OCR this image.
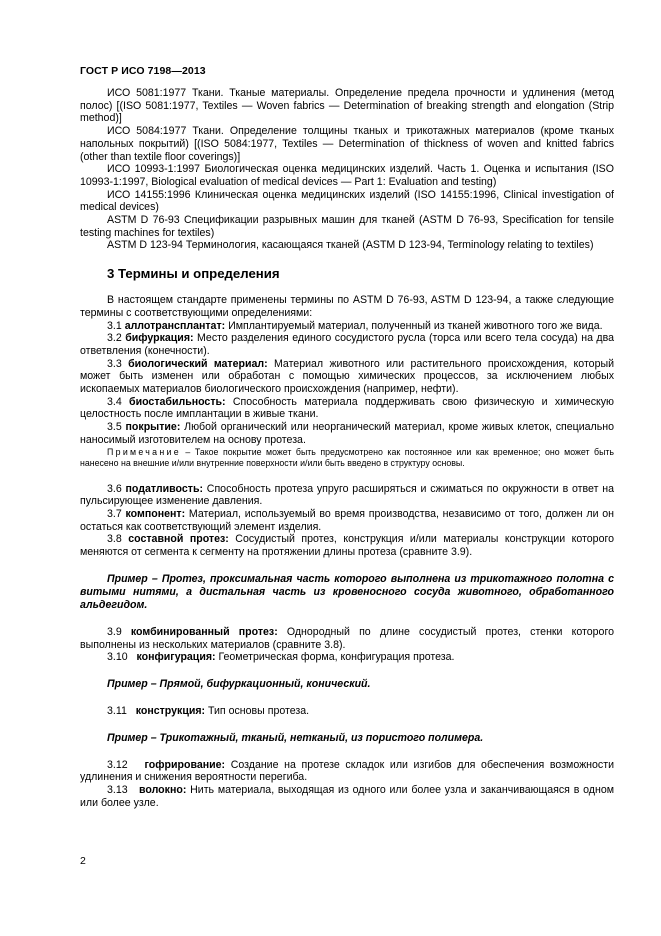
ГОСТ Р ИСО 7198—2013

ИСО 5081:1977 Ткани. Тканые материалы. Определение предела прочности и удлинения (метод полос) [(ISO 5081:1977, Textiles — Woven fabrics — Determination of breaking strength and elongation (Strip method)]

ИСО 5084:1977 Ткани. Определение толщины тканых и трикотажных материалов (кроме тканых напольных покрытий) [(ISO 5084:1977, Textiles — Determination of thickness of woven and knitted fabrics (other than textile floor coverings)]

ИСО 10993-1:1997 Биологическая оценка медицинских изделий. Часть 1. Оценка и испытания (ISO 10993-1:1997, Biological evaluation of medical devices — Part 1: Evaluation and testing)

ИСО 14155:1996 Клиническая оценка медицинских изделий (ISO 14155:1996, Clinical investigation of medical devices)

ASTM D 76-93 Спецификации разрывных машин для тканей (ASTM D 76-93, Specification for tensile testing machines for textiles)

ASTM D 123-94 Терминология, касающаяся тканей (ASTM D 123-94, Terminology relating to textiles)

3 Термины и определения

В настоящем стандарте применены термины по ASTM D 76-93, ASTM D 123-94, а также следующие термины с соответствующими определениями:

3.1 аллотрансплантат: Имплантируемый материал, полученный из тканей животного того же вида.

3.2 бифуркация: Место разделения единого сосудистого русла (торса или всего тела сосуда) на два ответвления (конечности).

3.3 биологический материал: Материал животного или растительного происхождения, который может быть изменен или обработан с помощью химических процессов, за исключением любых ископаемых материалов биологического происхождения (например, нефти).

3.4 биостабильность: Способность материала поддерживать свою физическую и химическую целостность после имплантации в живые ткани.

3.5 покрытие: Любой органический или неорганический материал, кроме живых клеток, специально наносимый изготовителем на основу протеза.

Примечание – Такое покрытие может быть предусмотрено как постоянное или как временное; оно может быть нанесено на внешние и/или внутренние поверхности и/или быть введено в структуру основы.

3.6 податливость: Способность протеза упруго расширяться и сжиматься по окружности в ответ на пульсирующее изменение давления.

3.7 компонент: Материал, используемый во время производства, независимо от того, должен ли он остаться как соответствующий элемент изделия.

3.8 составной протез: Сосудистый протез, конструкция и/или материалы конструкции которого меняются от сегмента к сегменту на протяжении длины протеза (сравните 3.9).

Пример – Протез, проксимальная часть которого выполнена из трикотажного полотна с витыми нитями, а дистальная часть из кровеносного сосуда животного, обработанного альдегидом.

3.9 комбинированный протез: Однородный по длине сосудистый протез, стенки которого выполнены из нескольких материалов (сравните 3.8).

3.10 конфигурация: Геометрическая форма, конфигурация протеза.

Пример – Прямой, бифуркационный, конический.

3.11 конструкция: Тип основы протеза.

Пример – Трикотажный, тканый, нетканый, из пористого полимера.

3.12 гофрирование: Создание на протезе складок или изгибов для обеспечения возможности удлинения и снижения вероятности перегиба.

3.13 волокно: Нить материала, выходящая из одного или более узла и заканчивающаяся в одном или более узле.

2
